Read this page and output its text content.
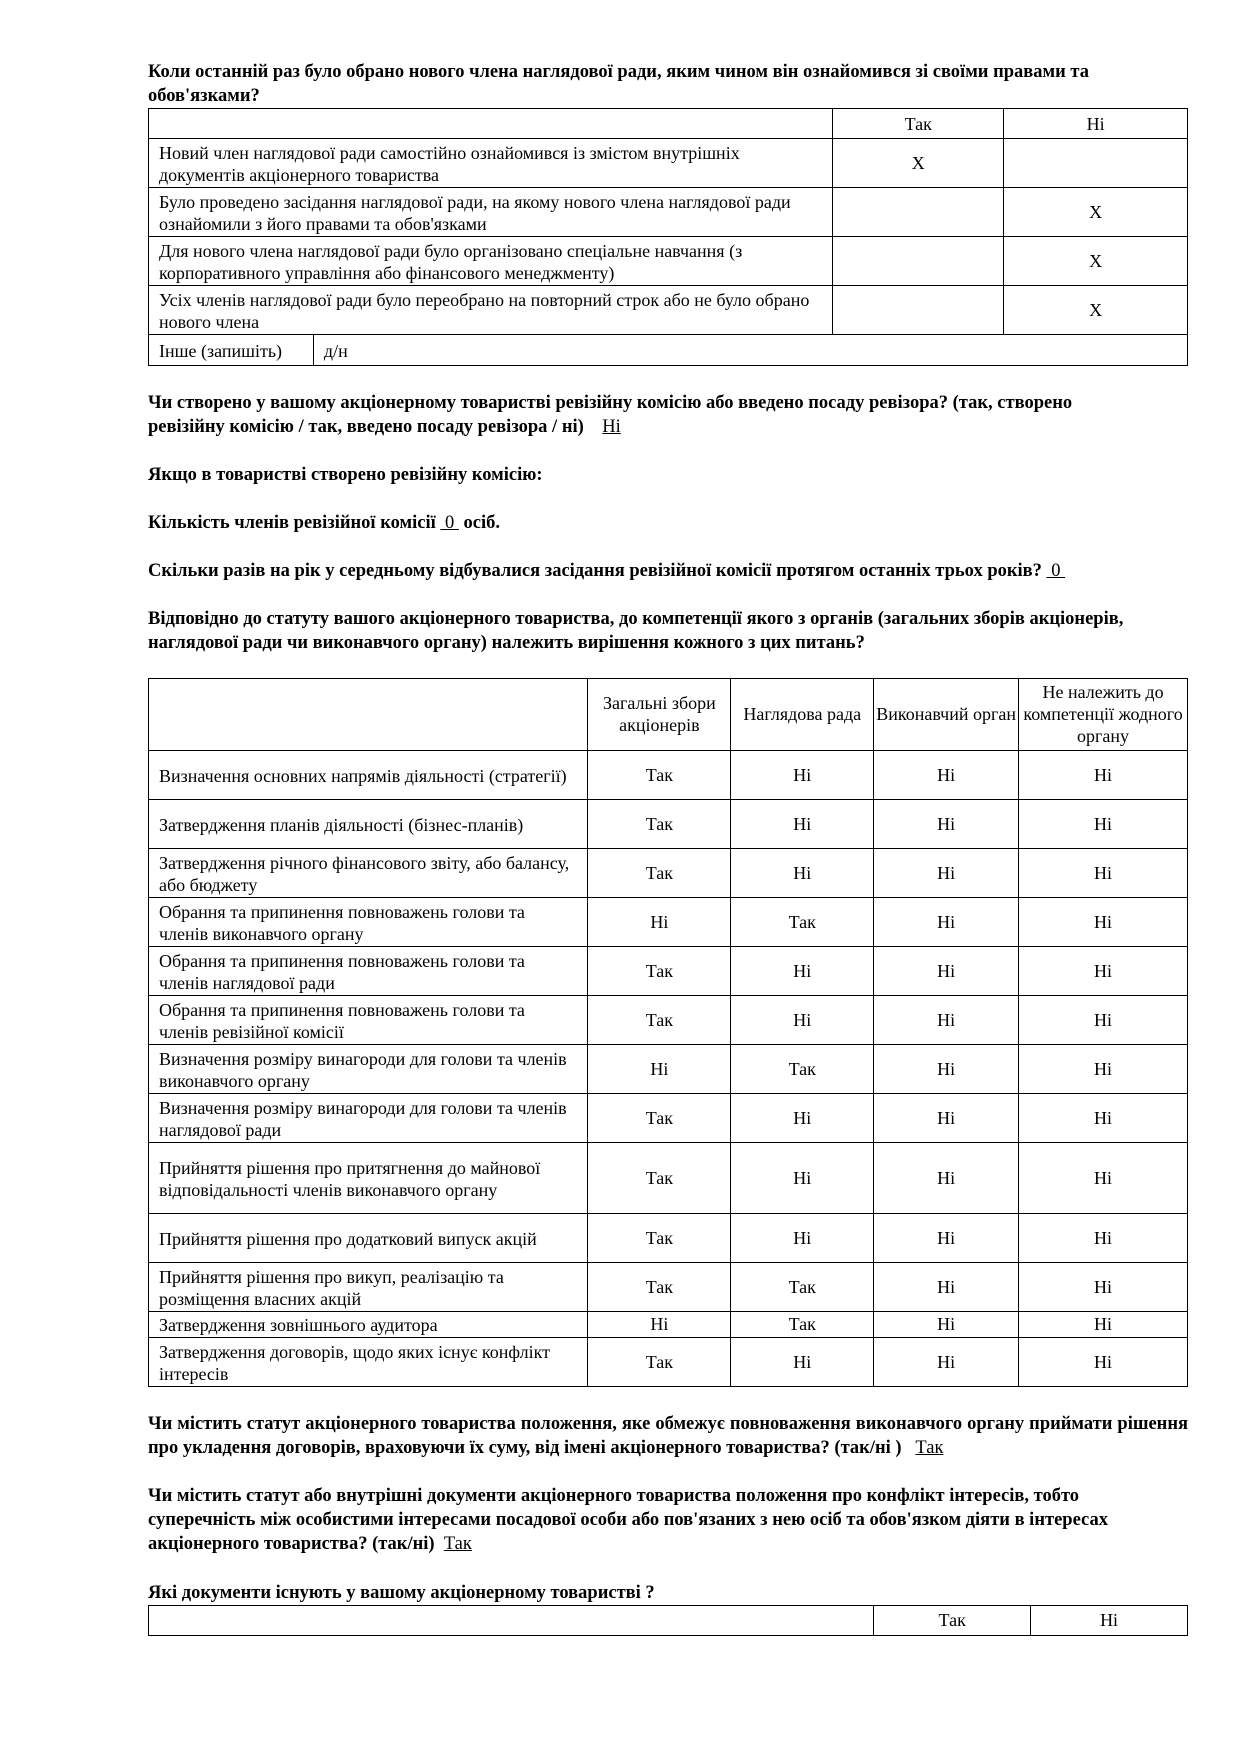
Коли останній раз було обрано нового члена наглядової ради, яким чином він ознайомився зі своїми правами та обов'язками?

	Так	Ні
Новий член наглядової ради самостійно ознайомився із змістом внутрішніх документів акціонерного товариства	X	
Було проведено засідання наглядової ради, на якому нового члена наглядової ради ознайомили з його правами та обов'язками		X
Для нового члена наглядової ради було організовано спеціальне навчання (з корпоративного управління або фінансового менеджменту)		X
Усіх членів наглядової ради було переобрано на повторний строк або не було обрано нового члена		X
Інше (запишіть)	д/н

Чи створено у вашому акціонерному товаристві ревізійну комісію або введено посаду ревізора? (так, створено ревізійну комісію / так, введено посаду ревізора / ні) Ні

Якщо в товаристві створено ревізійну комісію:

Кількість членів ревізійної комісії 0 осіб.

Скільки разів на рік у середньому відбувалися засідання ревізійної комісії протягом останніх трьох років? 0

Відповідно до статуту вашого акціонерного товариства, до компетенції якого з органів (загальних зборів акціонерів, наглядової ради чи виконавчого органу) належить вирішення кожного з цих питань?

	Загальні збори акціонерів	Наглядова рада	Виконавчий орган	Не належить до компетенції жодного органу
Визначення основних напрямів діяльності (стратегії)	Так	Ні	Ні	Ні
Затвердження планів діяльності (бізнес-планів)	Так	Ні	Ні	Ні
Затвердження річного фінансового звіту, або балансу, або бюджету	Так	Ні	Ні	Ні
Обрання та припинення повноважень голови та членів виконавчого органу	Ні	Так	Ні	Ні
Обрання та припинення повноважень голови та членів наглядової ради	Так	Ні	Ні	Ні
Обрання та припинення повноважень голови та членів ревізійної комісії	Так	Ні	Ні	Ні
Визначення розміру винагороди для голови та членів виконавчого органу	Ні	Так	Ні	Ні
Визначення розміру винагороди для голови та членів наглядової ради	Так	Ні	Ні	Ні
Прийняття рішення про притягнення до майнової відповідальності членів виконавчого органу	Так	Ні	Ні	Ні
Прийняття рішення про додатковий випуск акцій	Так	Ні	Ні	Ні
Прийняття рішення про викуп, реалізацію та розміщення власних акцій	Так	Так	Ні	Ні
Затвердження зовнішнього аудитора	Ні	Так	Ні	Ні
Затвердження договорів, щодо яких існує конфлікт інтересів	Так	Ні	Ні	Ні

Чи містить статут акціонерного товариства положення, яке обмежує повноваження виконавчого органу приймати рішення про укладення договорів, враховуючи їх суму, від імені акціонерного товариства? (так/ні ) Так

Чи містить статут або внутрішні документи акціонерного товариства положення про конфлікт інтересів, тобто суперечність між особистими інтересами посадової особи або пов'язаних з нею осіб та обов'язком діяти в інтересах акціонерного товариства? (так/ні) Так

Які документи існують у вашому акціонерному товаристві ?

	Так	Ні
